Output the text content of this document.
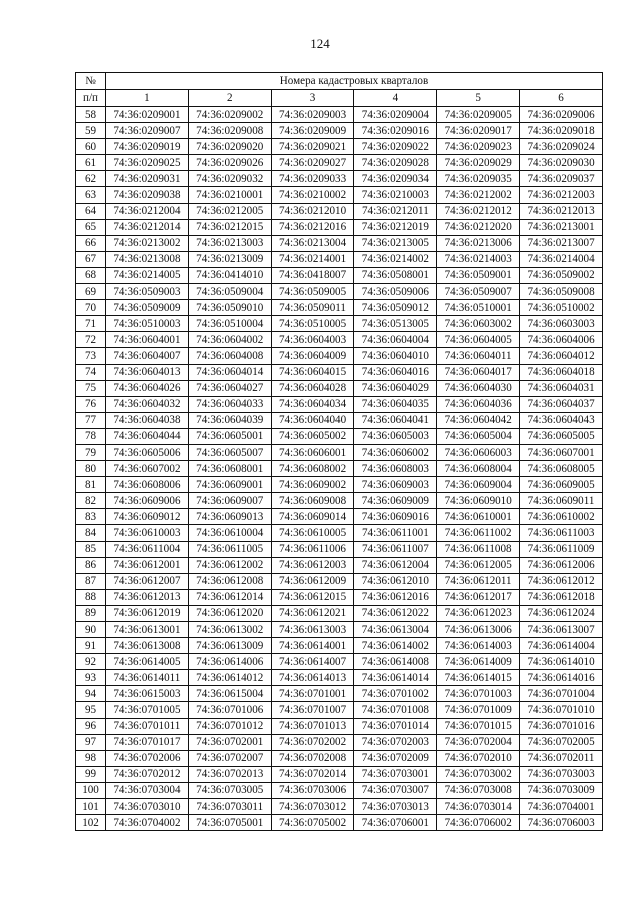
124
№	Номера кадастровых кварталов					
п/п	1	2	3	4	5	6
58	74:36:0209001	74:36:0209002	74:36:0209003	74:36:0209004	74:36:0209005	74:36:0209006
59	74:36:0209007	74:36:0209008	74:36:0209009	74:36:0209016	74:36:0209017	74:36:0209018
60	74:36:0209019	74:36:0209020	74:36:0209021	74:36:0209022	74:36:0209023	74:36:0209024
61	74:36:0209025	74:36:0209026	74:36:0209027	74:36:0209028	74:36:0209029	74:36:0209030
62	74:36:0209031	74:36:0209032	74:36:0209033	74:36:0209034	74:36:0209035	74:36:0209037
63	74:36:0209038	74:36:0210001	74:36:0210002	74:36:0210003	74:36:0212002	74:36:0212003
64	74:36:0212004	74:36:0212005	74:36:0212010	74:36:0212011	74:36:0212012	74:36:0212013
65	74:36:0212014	74:36:0212015	74:36:0212016	74:36:0212019	74:36:0212020	74:36:0213001
66	74:36:0213002	74:36:0213003	74:36:0213004	74:36:0213005	74:36:0213006	74:36:0213007
67	74:36:0213008	74:36:0213009	74:36:0214001	74:36:0214002	74:36:0214003	74:36:0214004
68	74:36:0214005	74:36:0414010	74:36:0418007	74:36:0508001	74:36:0509001	74:36:0509002
69	74:36:0509003	74:36:0509004	74:36:0509005	74:36:0509006	74:36:0509007	74:36:0509008
70	74:36:0509009	74:36:0509010	74:36:0509011	74:36:0509012	74:36:0510001	74:36:0510002
71	74:36:0510003	74:36:0510004	74:36:0510005	74:36:0513005	74:36:0603002	74:36:0603003
72	74:36:0604001	74:36:0604002	74:36:0604003	74:36:0604004	74:36:0604005	74:36:0604006
73	74:36:0604007	74:36:0604008	74:36:0604009	74:36:0604010	74:36:0604011	74:36:0604012
74	74:36:0604013	74:36:0604014	74:36:0604015	74:36:0604016	74:36:0604017	74:36:0604018
75	74:36:0604026	74:36:0604027	74:36:0604028	74:36:0604029	74:36:0604030	74:36:0604031
76	74:36:0604032	74:36:0604033	74:36:0604034	74:36:0604035	74:36:0604036	74:36:0604037
77	74:36:0604038	74:36:0604039	74:36:0604040	74:36:0604041	74:36:0604042	74:36:0604043
78	74:36:0604044	74:36:0605001	74:36:0605002	74:36:0605003	74:36:0605004	74:36:0605005
79	74:36:0605006	74:36:0605007	74:36:0606001	74:36:0606002	74:36:0606003	74:36:0607001
80	74:36:0607002	74:36:0608001	74:36:0608002	74:36:0608003	74:36:0608004	74:36:0608005
81	74:36:0608006	74:36:0609001	74:36:0609002	74:36:0609003	74:36:0609004	74:36:0609005
82	74:36:0609006	74:36:0609007	74:36:0609008	74:36:0609009	74:36:0609010	74:36:0609011
83	74:36:0609012	74:36:0609013	74:36:0609014	74:36:0609016	74:36:0610001	74:36:0610002
84	74:36:0610003	74:36:0610004	74:36:0610005	74:36:0611001	74:36:0611002	74:36:0611003
85	74:36:0611004	74:36:0611005	74:36:0611006	74:36:0611007	74:36:0611008	74:36:0611009
86	74:36:0612001	74:36:0612002	74:36:0612003	74:36:0612004	74:36:0612005	74:36:0612006
87	74:36:0612007	74:36:0612008	74:36:0612009	74:36:0612010	74:36:0612011	74:36:0612012
88	74:36:0612013	74:36:0612014	74:36:0612015	74:36:0612016	74:36:0612017	74:36:0612018
89	74:36:0612019	74:36:0612020	74:36:0612021	74:36:0612022	74:36:0612023	74:36:0612024
90	74:36:0613001	74:36:0613002	74:36:0613003	74:36:0613004	74:36:0613006	74:36:0613007
91	74:36:0613008	74:36:0613009	74:36:0614001	74:36:0614002	74:36:0614003	74:36:0614004
92	74:36:0614005	74:36:0614006	74:36:0614007	74:36:0614008	74:36:0614009	74:36:0614010
93	74:36:0614011	74:36:0614012	74:36:0614013	74:36:0614014	74:36:0614015	74:36:0614016
94	74:36:0615003	74:36:0615004	74:36:0701001	74:36:0701002	74:36:0701003	74:36:0701004
95	74:36:0701005	74:36:0701006	74:36:0701007	74:36:0701008	74:36:0701009	74:36:0701010
96	74:36:0701011	74:36:0701012	74:36:0701013	74:36:0701014	74:36:0701015	74:36:0701016
97	74:36:0701017	74:36:0702001	74:36:0702002	74:36:0702003	74:36:0702004	74:36:0702005
98	74:36:0702006	74:36:0702007	74:36:0702008	74:36:0702009	74:36:0702010	74:36:0702011
99	74:36:0702012	74:36:0702013	74:36:0702014	74:36:0703001	74:36:0703002	74:36:0703003
100	74:36:0703004	74:36:0703005	74:36:0703006	74:36:0703007	74:36:0703008	74:36:0703009
101	74:36:0703010	74:36:0703011	74:36:0703012	74:36:0703013	74:36:0703014	74:36:0704001
102	74:36:0704002	74:36:0705001	74:36:0705002	74:36:0706001	74:36:0706002	74:36:0706003
